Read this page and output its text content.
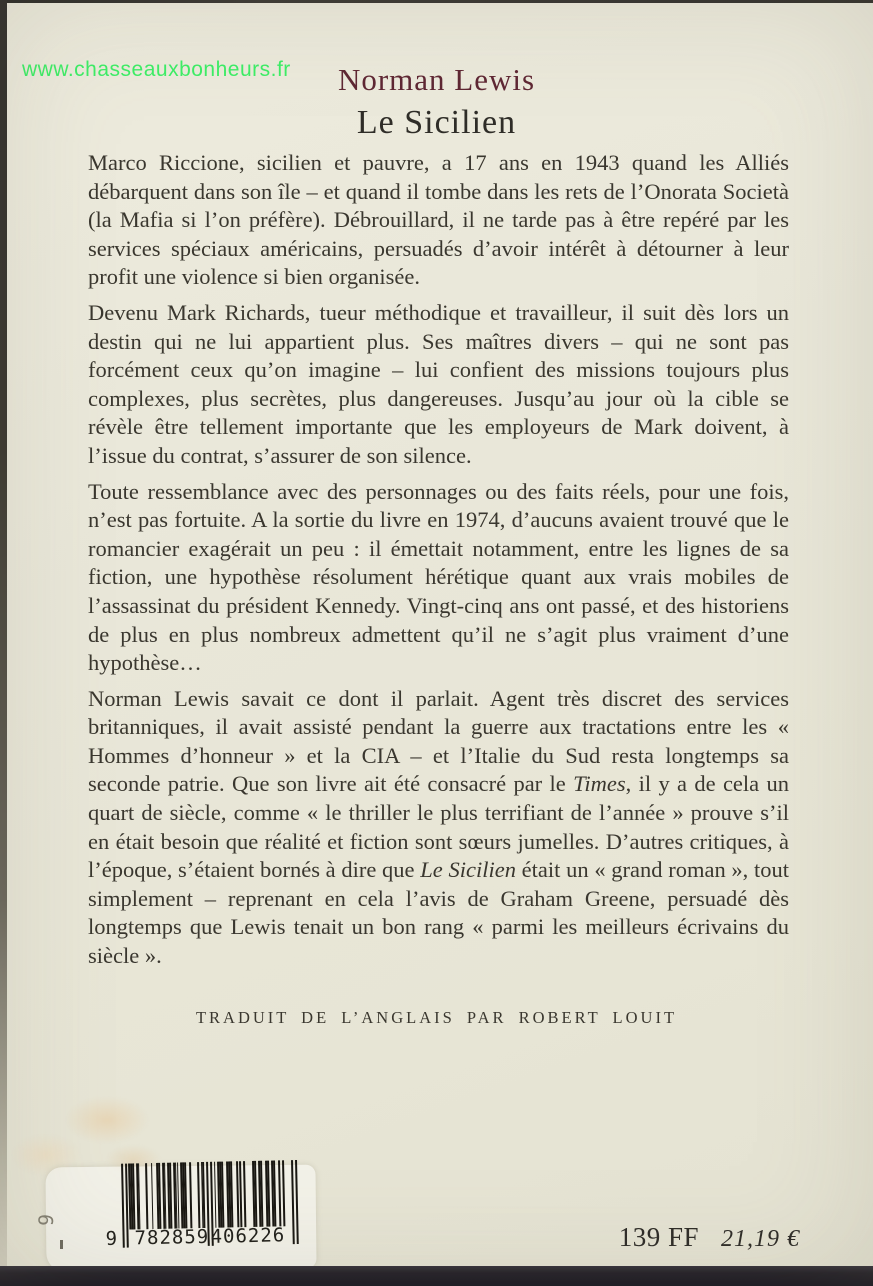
www.chasseauxbonheurs.fr	Norman Lewis
Le Sicilien

Marco Riccione, sicilien et pauvre, a 17 ans en 1943 quand les Alliés débarquent dans son île – et quand il tombe dans les rets de l’Onorata Società (la Mafia si l’on préfère). Débrouillard, il ne tarde pas à être repéré par les services spéciaux américains, persuadés d’avoir intérêt à détourner à leur profit une violence si bien organisée.

Devenu Mark Richards, tueur méthodique et travailleur, il suit dès lors un destin qui ne lui appartient plus. Ses maîtres divers – qui ne sont pas forcément ceux qu’on imagine – lui confient des missions toujours plus complexes, plus secrètes, plus dangereuses. Jusqu’au jour où la cible se révèle être tellement importante que les employeurs de Mark doivent, à l’issue du contrat, s’assurer de son silence.

Toute ressemblance avec des personnages ou des faits réels, pour une fois, n’est pas fortuite. A la sortie du livre en 1974, d’aucuns avaient trouvé que le romancier exagérait un peu : il émettait notamment, entre les lignes de sa fiction, une hypothèse résolument hérétique quant aux vrais mobiles de l’assassinat du président Kennedy. Vingt-cinq ans ont passé, et des historiens de plus en plus nombreux admettent qu’il ne s’agit plus vraiment d’une hypothèse…

Norman Lewis savait ce dont il parlait. Agent très discret des services britanniques, il avait assisté pendant la guerre aux tractations entre les « Hommes d’honneur » et la CIA – et l’Italie du Sud resta longtemps sa seconde patrie. Que son livre ait été consacré par le Times, il y a de cela un quart de siècle, comme « le thriller le plus terrifiant de l’année » prouve s’il en était besoin que réalité et fiction sont sœurs jumelles. D’autres critiques, à l’époque, s’étaient bornés à dire que Le Sicilien était un « grand roman », tout simplement – reprenant en cela l’avis de Graham Greene, persuadé dès longtemps que Lewis tenait un bon rang « parmi les meilleurs écrivains du siècle ».

TRADUIT DE L’ANGLAIS PAR ROBERT LOUIT
9
9 782859 406226	139 FF 21,19 €
